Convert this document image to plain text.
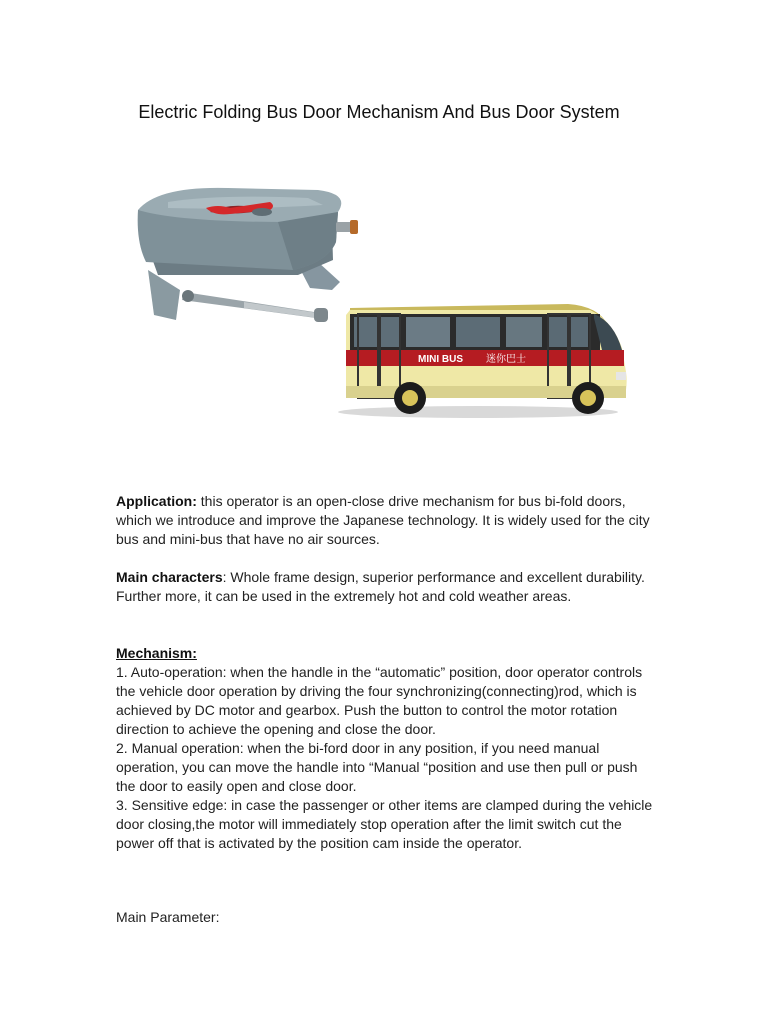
Electric Folding Bus Door Mechanism And Bus Door System
MINI BUS 迷你巴士

Application: this operator is an open-close drive mechanism for bus bi-fold doors, which we introduce and improve the Japanese technology. It is widely used for the city bus and mini-bus that have no air sources.

Main characters: Whole frame design, superior performance and excellent durability. Further more, it can be used in the extremely hot and cold weather areas.

Mechanism:

1. Auto-operation: when the handle in the “automatic” position, door operator controls the vehicle door operation by driving the four synchronizing(connecting)rod, which is achieved by DC motor and gearbox. Push the button to control the motor rotation direction to achieve the opening and close the door.

2. Manual operation: when the bi-ford door in any position, if you need manual operation, you can move the handle into “Manual “position and use then pull or push the door to easily open and close door.

3. Sensitive edge: in case the passenger or other items are clamped during the vehicle door closing,the motor will immediately stop operation after the limit switch cut the power off that is activated by the position cam inside the operator.

Main Parameter:
